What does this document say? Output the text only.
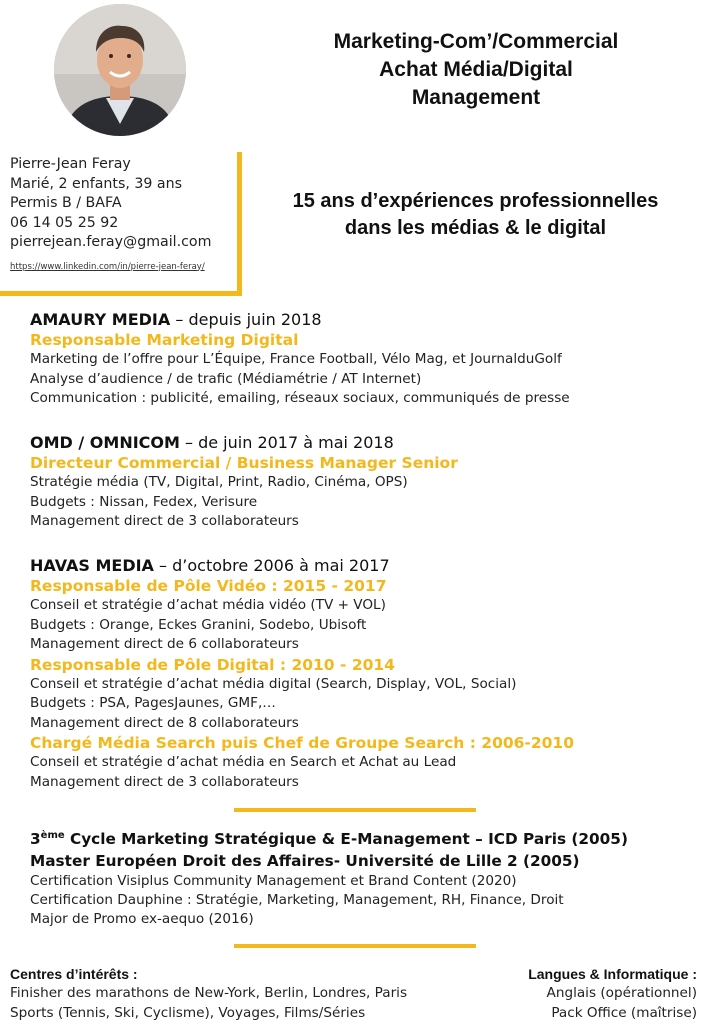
Marketing-Com’/Commercial
Achat Média/Digital
Management
Pierre-Jean Feray
Marié, 2 enfants, 39 ans
Permis B / BAFA
06 14 05 25 92
pierrejean.feray@gmail.com
https://www.linkedin.com/in/pierre-jean-feray/
15 ans d’expériences professionnelles
dans les médias & le digital
AMAURY MEDIA – depuis juin 2018
Responsable Marketing Digital
Marketing de l’offre pour L’Équipe, France Football, Vélo Mag, et JournalduGolf
Analyse d’audience / de trafic (Médiamétrie / AT Internet)
Communication : publicité, emailing, réseaux sociaux, communiqués de presse
OMD / OMNICOM – de juin 2017 à mai 2018
Directeur Commercial / Business Manager Senior
Stratégie média (TV, Digital, Print, Radio, Cinéma, OPS)
Budgets : Nissan, Fedex, Verisure
Management direct de 3 collaborateurs
HAVAS MEDIA – d’octobre 2006 à mai 2017
Responsable de Pôle Vidéo : 2015 - 2017
Conseil et stratégie d’achat média vidéo (TV + VOL)
Budgets : Orange, Eckes Granini, Sodebo, Ubisoft
Management direct de 6 collaborateurs
Responsable de Pôle Digital : 2010 - 2014
Conseil et stratégie d’achat média digital (Search, Display, VOL, Social)
Budgets : PSA, PagesJaunes, GMF,…
Management direct de 8 collaborateurs
Chargé Média Search puis Chef de Groupe Search : 2006-2010
Conseil et stratégie d’achat média en Search et Achat au Lead
Management direct de 3 collaborateurs
3ème Cycle Marketing Stratégique & E-Management – ICD Paris (2005)
Master Européen Droit des Affaires- Université de Lille 2 (2005)
Certification Visiplus Community Management et Brand Content (2020)
Certification Dauphine : Stratégie, Marketing, Management, RH, Finance, Droit
Major de Promo ex-aequo (2016)
Centres d’intérêts :
Finisher des marathons de New-York, Berlin, Londres, Paris
Sports (Tennis, Ski, Cyclisme), Voyages, Films/Séries
Langues & Informatique :
Anglais (opérationnel)
Pack Office (maîtrise)
